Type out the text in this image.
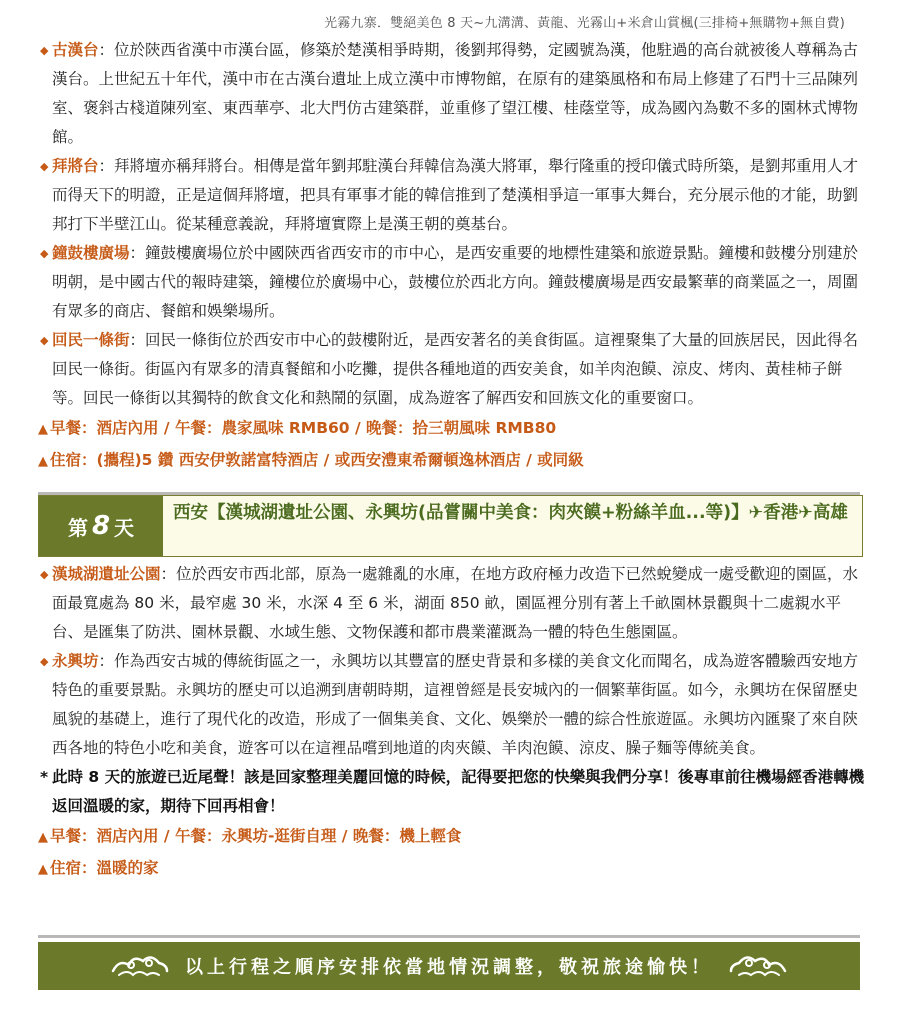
光霧九寨．雙絕美色 8 天~九溝溝、黃龍、光霧山+米倉山賞楓(三排椅+無購物+無自費)
◆ 古漢台：位於陝西省漢中市漢台區，修築於楚漢相爭時期，後劉邦得勢，定國號為漢，他駐過的高台就被後人尊稱為古漢台。上世紀五十年代，漢中市在古漢台遺址上成立漢中市博物館，在原有的建築風格和布局上修建了石門十三品陳列室、褒斜古棧道陳列室、東西華亭、北大門仿古建築群，並重修了望江樓、桂蔭堂等，成為國內為數不多的園林式博物館。
◆ 拜將台：拜將壇亦稱拜將台。相傳是當年劉邦駐漢台拜韓信為漢大將軍，舉行隆重的授印儀式時所築，是劉邦重用人才而得天下的明證，正是這個拜將壇，把具有軍事才能的韓信推到了楚漢相爭這一軍事大舞台，充分展示他的才能，助劉邦打下半壁江山。從某種意義說，拜將壇實際上是漢王朝的奠基台。
◆ 鐘鼓樓廣場：鐘鼓樓廣場位於中國陝西省西安市的市中心，是西安重要的地標性建築和旅遊景點。鐘樓和鼓樓分別建於明朝，是中國古代的報時建築，鐘樓位於廣場中心，鼓樓位於西北方向。鐘鼓樓廣場是西安最繁華的商業區之一，周圍有眾多的商店、餐館和娛樂場所。
◆ 回民一條街：回民一條街位於西安市中心的鼓樓附近，是西安著名的美食街區。這裡聚集了大量的回族居民，因此得名回民一條街。街區內有眾多的清真餐館和小吃攤，提供各種地道的西安美食，如羊肉泡饃、涼皮、烤肉、黃桂柿子餅等。回民一條街以其獨特的飲食文化和熱鬧的氛圍，成為遊客了解西安和回族文化的重要窗口。
▲ 早餐：酒店內用 / 午餐：農家風味 RMB60 / 晚餐：拾三朝風味 RMB80
▲ 住宿：(攜程)5 鑽 西安伊敦諾富特酒店 / 或西安澧東希爾頓逸林酒店 / 或同級
第 8 天
西安【漢城湖遺址公園、永興坊(品嘗關中美食：肉夾饃+粉絲羊血...等)】✈香港✈高雄
◆ 漢城湖遺址公園：位於西安市西北部，原為一處雜亂的水庫，在地方政府極力改造下已然蛻變成一處受歡迎的園區，水面最寬處為 80 米，最窄處 30 米，水深 4 至 6 米，湖面 850 畝，園區裡分別有著上千畝園林景觀與十二處親水平台、是匯集了防洪、園林景觀、水域生態、文物保護和都市農業灌溉為一體的特色生態園區。
◆ 永興坊：作為西安古城的傳統街區之一，永興坊以其豐富的歷史背景和多樣的美食文化而聞名，成為遊客體驗西安地方特色的重要景點。永興坊的歷史可以追溯到唐朝時期，這裡曾經是長安城內的一個繁華街區。如今，永興坊在保留歷史風貌的基礎上，進行了現代化的改造，形成了一個集美食、文化、娛樂於一體的綜合性旅遊區。永興坊內匯聚了來自陝西各地的特色小吃和美食，遊客可以在這裡品嚐到地道的肉夾饃、羊肉泡饃、涼皮、臊子麵等傳統美食。
* 此時 8 天的旅遊已近尾聲！該是回家整理美麗回憶的時候，記得要把您的快樂與我們分享！後專車前往機場經香港轉機返回溫暖的家，期待下回再相會！
▲ 早餐：酒店內用 / 午餐：永興坊-逛街自理 / 晚餐：機上輕食
▲ 住宿：溫暖的家
以上行程之順序安排依當地情況調整，敬祝旅途愉快！
